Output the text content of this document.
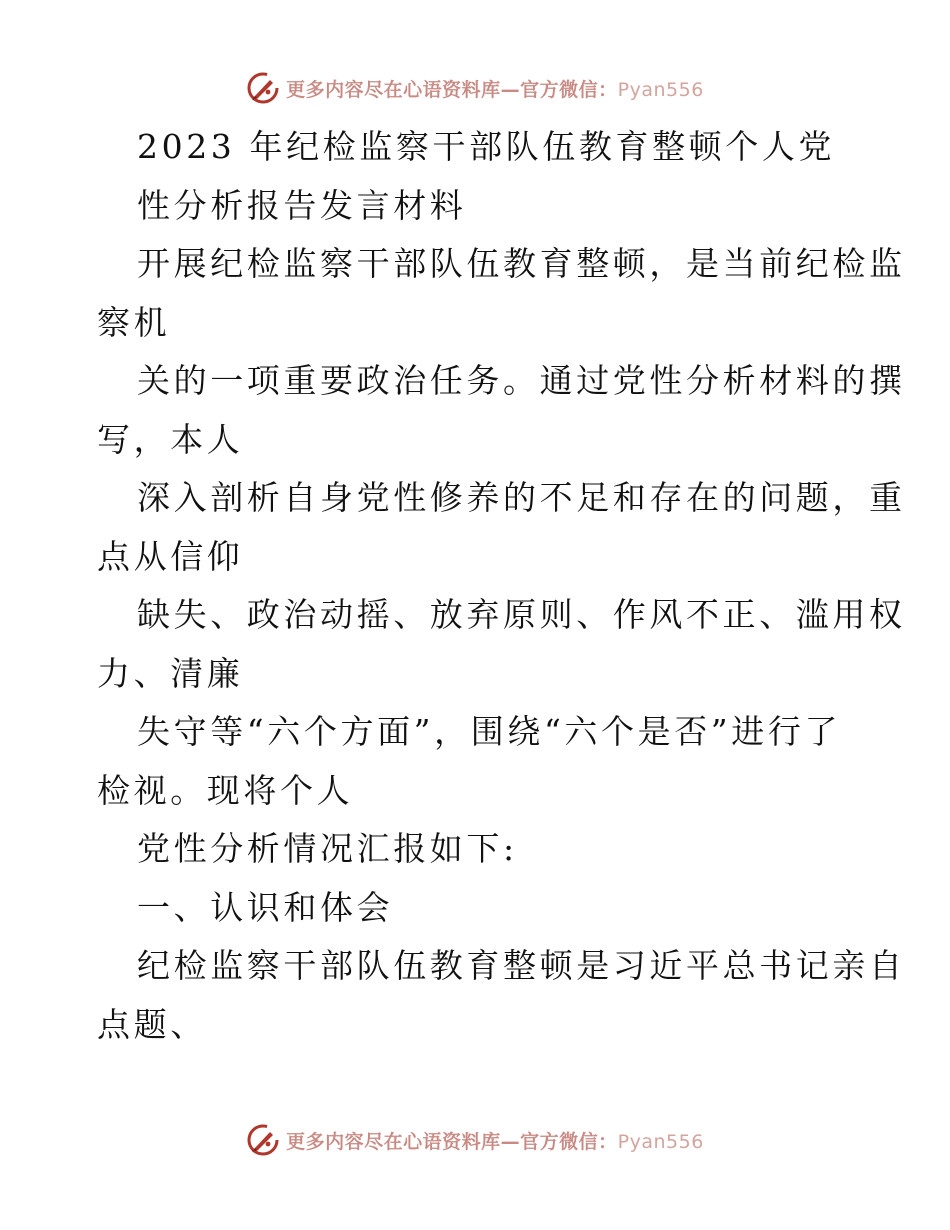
更多内容尽在心语资料库—官方微信：Pyan556
2023 年纪检监察干部队伍教育整顿个人党
性分析报告发言材料
开展纪检监察干部队伍教育整顿，是当前纪检监
察机
关的一项重要政治任务。通过党性分析材料的撰
写，本人
深入剖析自身党性修养的不足和存在的问题，重
点从信仰
缺失、政治动摇、放弃原则、作风不正、滥用权
力、清廉
失守等“六个方面”，围绕“六个是否”进行了
检视。现将个人
党性分析情况汇报如下:
一、认识和体会
纪检监察干部队伍教育整顿是习近平总书记亲自
点题、
更多内容尽在心语资料库—官方微信：Pyan556
